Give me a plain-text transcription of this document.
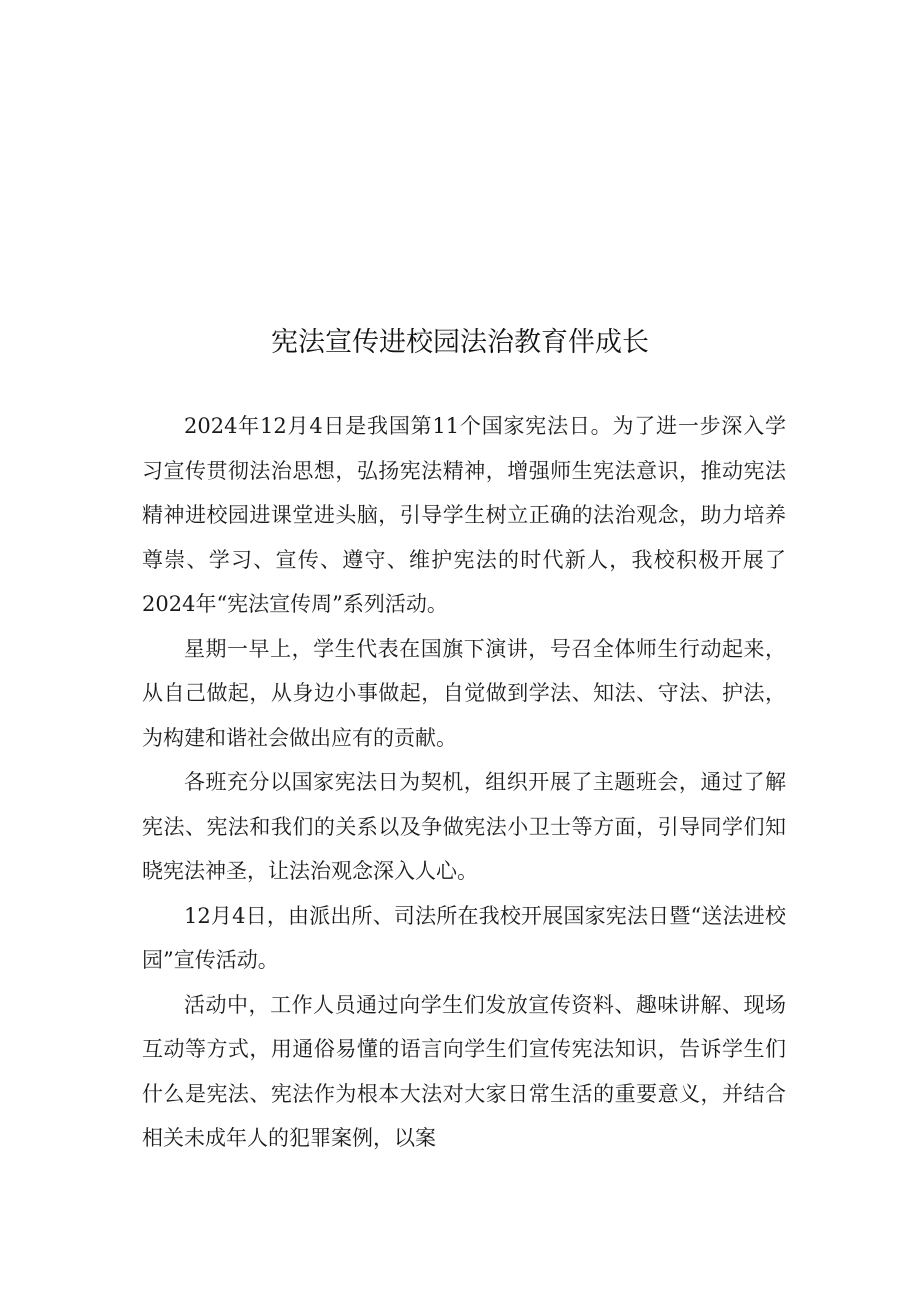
宪法宣传进校园法治教育伴成长

2024年12月4日是我国第11个国家宪法日。为了进一步深入学习宣传贯彻法治思想，弘扬宪法精神，增强师生宪法意识，推动宪法精神进校园进课堂进头脑，引导学生树立正确的法治观念，助力培养尊崇、学习、宣传、遵守、维护宪法的时代新人，我校积极开展了2024年“宪法宣传周”系列活动。

星期一早上，学生代表在国旗下演讲，号召全体师生行动起来，从自己做起，从身边小事做起，自觉做到学法、知法、守法、护法，为构建和谐社会做出应有的贡献。

各班充分以国家宪法日为契机，组织开展了主题班会，通过了解宪法、宪法和我们的关系以及争做宪法小卫士等方面，引导同学们知晓宪法神圣，让法治观念深入人心。

12月4日，由派出所、司法所在我校开展国家宪法日暨“送法进校园”宣传活动。

活动中，工作人员通过向学生们发放宣传资料、趣味讲解、现场互动等方式，用通俗易懂的语言向学生们宣传宪法知识，告诉学生们什么是宪法、宪法作为根本大法对大家日常生活的重要意义，并结合相关未成年人的犯罪案例，以案
